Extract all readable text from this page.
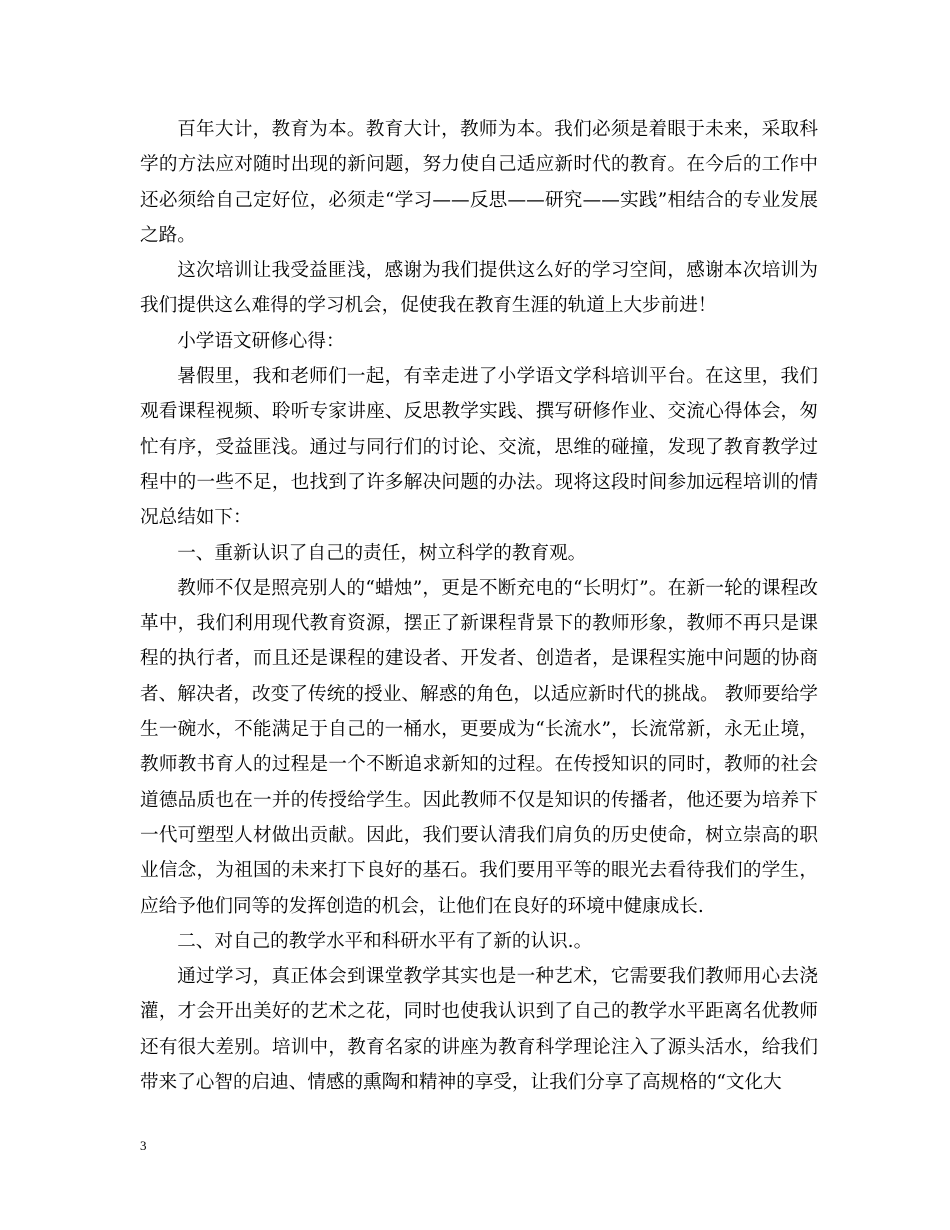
百年大计，教育为本。教育大计，教师为本。我们必须是着眼于未来，采取科学的方法应对随时出现的新问题，努力使自己适应新时代的教育。在今后的工作中还必须给自己定好位，必须走“学习——反思——研究——实践”相结合的专业发展之路。

这次培训让我受益匪浅，感谢为我们提供这么好的学习空间，感谢本次培训为我们提供这么难得的学习机会，促使我在教育生涯的轨道上大步前进！

小学语文研修心得：

暑假里，我和老师们一起，有幸走进了小学语文学科培训平台。在这里，我们观看课程视频、聆听专家讲座、反思教学实践、撰写研修作业、交流心得体会，匆忙有序，受益匪浅。通过与同行们的讨论、交流，思维的碰撞，发现了教育教学过程中的一些不足，也找到了许多解决问题的办法。现将这段时间参加远程培训的情况总结如下：

一、重新认识了自己的责任，树立科学的教育观。

教师不仅是照亮别人的“蜡烛”，更是不断充电的“长明灯”。在新一轮的课程改革中，我们利用现代教育资源，摆正了新课程背景下的教师形象，教师不再只是课程的执行者，而且还是课程的建设者、开发者、创造者，是课程实施中问题的协商者、解决者，改变了传统的授业、解惑的角色，以适应新时代的挑战。 教师要给学生一碗水，不能满足于自己的一桶水，更要成为“长流水”，长流常新，永无止境，教师教书育人的过程是一个不断追求新知的过程。在传授知识的同时，教师的社会道德品质也在一并的传授给学生。因此教师不仅是知识的传播者，他还要为培养下一代可塑型人材做出贡献。因此，我们要认清我们肩负的历史使命，树立崇高的职业信念，为祖国的未来打下良好的基石。我们要用平等的眼光去看待我们的学生，应给予他们同等的发挥创造的机会，让他们在良好的环境中健康成长.

二、对自己的教学水平和科研水平有了新的认识.。

通过学习，真正体会到课堂教学其实也是一种艺术，它需要我们教师用心去浇灌，才会开出美好的艺术之花，同时也使我认识到了自己的教学水平距离名优教师还有很大差别。培训中，教育名家的讲座为教育科学理论注入了源头活水，给我们带来了心智的启迪、情感的熏陶和精神的享受，让我们分享了高规格的“文化大

3
